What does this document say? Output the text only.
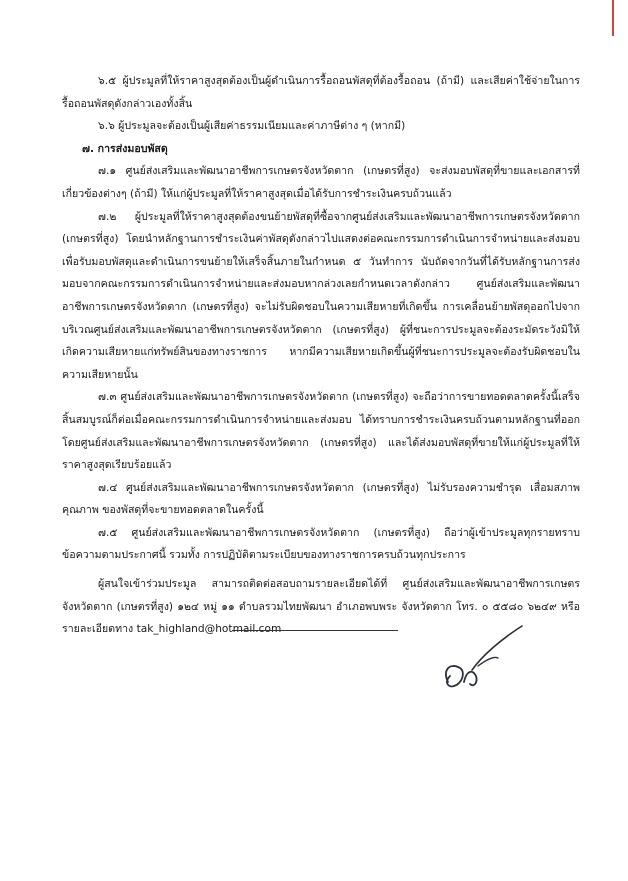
๖.๕ ผู้ประมูลที่ให้ราคาสูงสุดต้องเป็นผู้ดำเนินการรื้อถอนพัสดุที่ต้องรื้อถอน (ถ้ามี) และเสียค่าใช้จ่ายในการรื้อถอนพัสดุดังกล่าวเองทั้งสิ้น

๖.๖ ผู้ประมูลจะต้องเป็นผู้เสียค่าธรรมเนียมและค่าภาษีต่าง ๆ (หากมี)

๗. การส่งมอบพัสดุ

๗.๑ ศูนย์ส่งเสริมและพัฒนาอาชีพการเกษตรจังหวัดตาก (เกษตรที่สูง) จะส่งมอบพัสดุที่ขายและเอกสารที่เกี่ยวข้องต่างๆ (ถ้ามี) ให้แก่ผู้ประมูลที่ให้ราคาสูงสุดเมื่อได้รับการชำระเงินครบถ้วนแล้ว

๗.๒ ผู้ประมูลที่ให้ราคาสูงสุดต้องขนย้ายพัสดุที่ซื้อจากศูนย์ส่งเสริมและพัฒนาอาชีพการเกษตรจังหวัดตาก (เกษตรที่สูง) โดยนำหลักฐานการชำระเงินค่าพัสดุดังกล่าวไปแสดงต่อคณะกรรมการดำเนินการจำหน่ายและส่งมอบเพื่อรับมอบพัสดุและดำเนินการขนย้ายให้เสร็จสิ้นภายในกำหนด ๕ วันทำการ นับถัดจากวันที่ได้รับหลักฐานการส่งมอบจากคณะกรรมการดำเนินการจำหน่ายและส่งมอบหากล่วงเลยกำหนดเวลาดังกล่าว ศูนย์ส่งเสริมและพัฒนาอาชีพการเกษตรจังหวัดตาก (เกษตรที่สูง) จะไม่รับผิดชอบในความเสียหายที่เกิดขึ้น การเคลื่อนย้ายพัสดุออกไปจากบริเวณศูนย์ส่งเสริมและพัฒนาอาชีพการเกษตรจังหวัดตาก (เกษตรที่สูง) ผู้ที่ชนะการประมูลจะต้องระมัดระวังมิให้เกิดความเสียหายแก่ทรัพย์สินของทางราชการ หากมีความเสียหายเกิดขึ้นผู้ที่ชนะการประมูลจะต้องรับผิดชอบในความเสียหายนั้น

๗.๓ ศูนย์ส่งเสริมและพัฒนาอาชีพการเกษตรจังหวัดตาก (เกษตรที่สูง) จะถือว่าการขายทอดตลาดครั้งนี้เสร็จสิ้นสมบูรณ์ก็ต่อเมื่อคณะกรรมการดำเนินการจำหน่ายและส่งมอบ ได้ทราบการชำระเงินครบถ้วนตามหลักฐานที่ออกโดยศูนย์ส่งเสริมและพัฒนาอาชีพการเกษตรจังหวัดตาก (เกษตรที่สูง) และได้ส่งมอบพัสดุที่ขายให้แก่ผู้ประมูลที่ให้ราคาสูงสุดเรียบร้อยแล้ว

๗.๔ ศูนย์ส่งเสริมและพัฒนาอาชีพการเกษตรจังหวัดตาก (เกษตรที่สูง) ไม่รับรองความชำรุด เสื่อมสภาพ คุณภาพ ของพัสดุที่จะขายทอดตลาดในครั้งนี้

๗.๕ ศูนย์ส่งเสริมและพัฒนาอาชีพการเกษตรจังหวัดตาก (เกษตรที่สูง) ถือว่าผู้เข้าประมูลทุกรายทราบข้อความตามประกาศนี้ รวมทั้ง การปฏิบัติตามระเบียบของทางราชการครบถ้วนทุกประการ

ผู้สนใจเข้าร่วมประมูล สามารถติดต่อสอบถามรายละเอียดได้ที่ ศูนย์ส่งเสริมและพัฒนาอาชีพการเกษตรจังหวัดตาก (เกษตรที่สูง) ๑๒๔ หมู่ ๑๑ ตำบลรวมไทยพัฒนา อำเภอพบพระ จังหวัดตาก โทร. ๐ ๕๕๘๐ ๖๒๔๙ หรือรายละเอียดทาง tak_highland@hotmail.com
